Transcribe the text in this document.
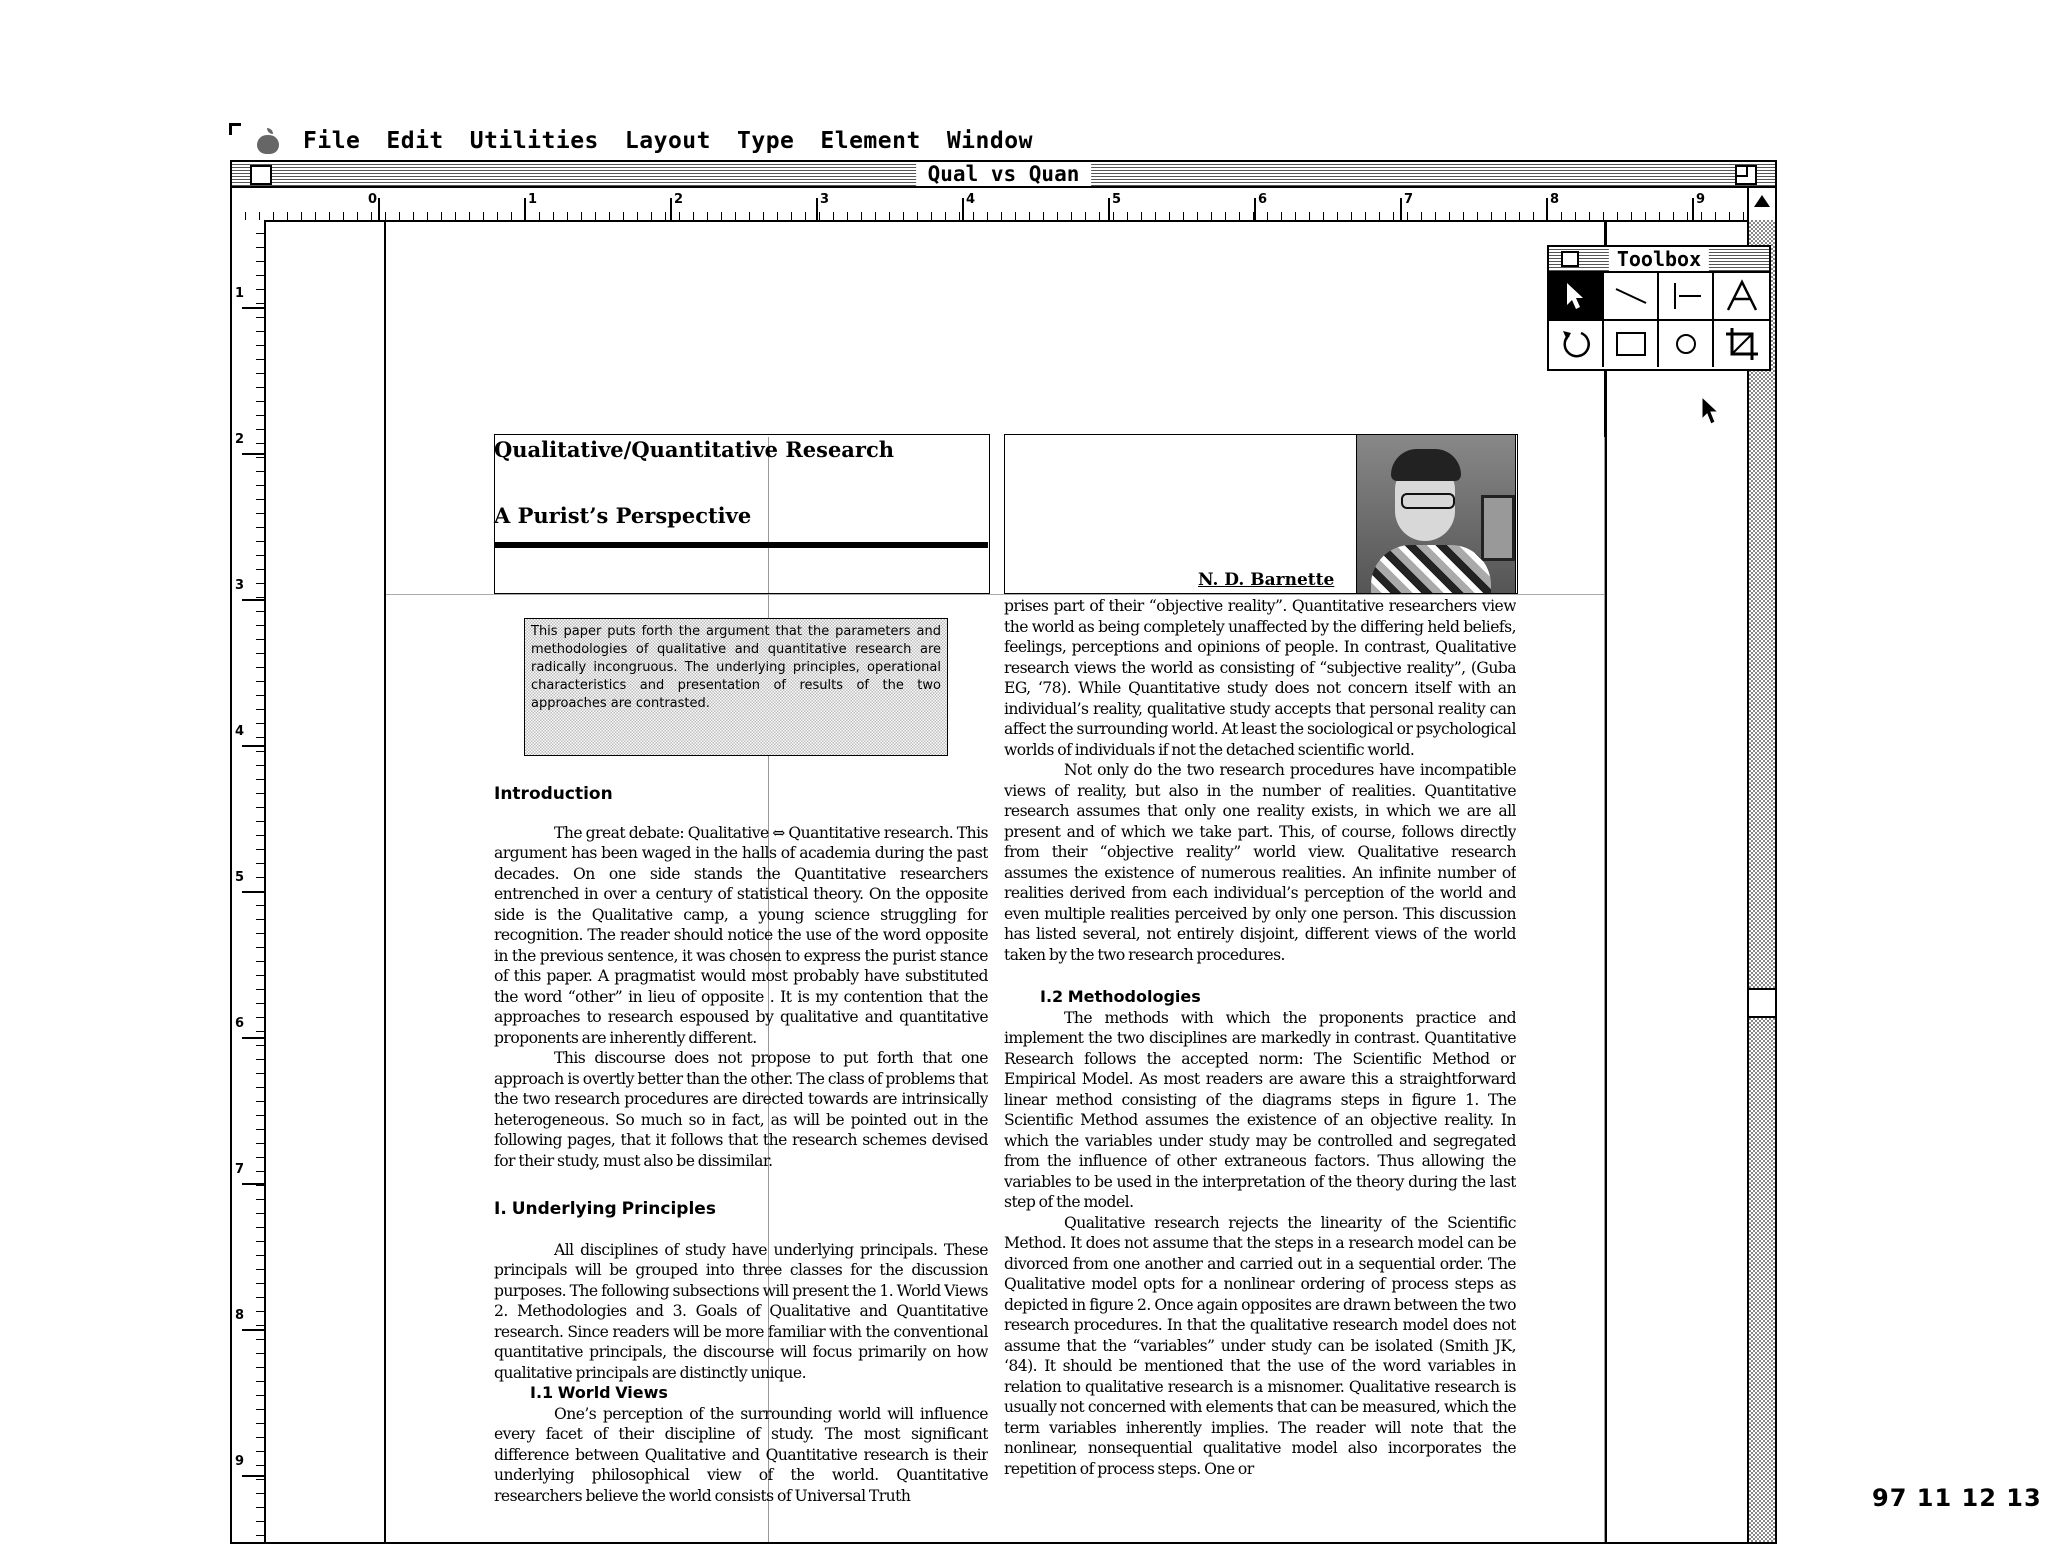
File Edit Utilities Layout Type Element Window
Qual vs Quan
0	1	2	3	4	5	6	7	8	9
1
2
3
4
5
6
7
8
9
Qualitative/Quantitative Research
A Purist’s Perspective
N. D. Barnette
This paper puts forth the argument that the parameters and methodologies of qualitative and quantitative research are radically incongruous. The underlying principles, operational characteristics and presentation of results of the two approaches are contrasted.
Introduction

The great debate: Qualitative ⇔ Quantitative research. This argument has been waged in the halls of academia during the past decades. On one side stands the Quantitative researchers entrenched in over a century of statistical theory. On the opposite side is the Qualitative camp, a young science struggling for recognition. The reader should notice the use of the word opposite in the previous sentence, it was chosen to express the purist stance of this paper. A pragmatist would most probably have substituted the word “other” in lieu of opposite . It is my contention that the approaches to research espoused by qualitative and quantitative proponents are inherently different.

This discourse does not propose to put forth that one approach is overtly better than the other. The class of problems that the two research procedures are directed towards are intrinsically heterogeneous. So much so in fact, as will be pointed out in the following pages, that it follows that the research schemes devised for their study, must also be dissimilar.

I. Underlying Principles

All disciplines of study have underlying principals. These principals will be grouped into three classes for the discussion purposes. The following subsections will present the 1. World Views 2. Methodologies and 3. Goals of Qualitative and Quantitative research. Since readers will be more familiar with the conventional quantitative principals, the discourse will focus primarily on how qualitative principals are distinctly unique.

I.1 World Views

One’s perception of the surrounding world will influence every facet of their discipline of study. The most significant difference between Qualitative and Quantitative research is their underlying philosophical view of the world. Quantitative researchers believe the world consists of Universal Truth

prises part of their “objective reality”. Quantitative researchers view the world as being completely unaffected by the differing held beliefs, feelings, perceptions and opinions of people. In contrast, Qualitative research views the world as consisting of “subjective reality”, (Guba EG, ‘78). While Quantitative study does not concern itself with an individual’s reality, qualitative study accepts that personal reality can affect the surrounding world. At least the sociological or psychological worlds of individuals if not the detached scientific world.

Not only do the two research procedures have incompatible views of reality, but also in the number of realities. Quantitative research assumes that only one reality exists, in which we are all present and of which we take part. This, of course, follows directly from their “objective reality” world view. Qualitative research assumes the existence of numerous realities. An infinite number of realities derived from each individual’s perception of the world and even multiple realities perceived by only one person. This discussion has listed several, not entirely disjoint, different views of the world taken by the two research procedures.

I.2 Methodologies

The methods with which the proponents practice and implement the two disciplines are markedly in contrast. Quantitative Research follows the accepted norm: The Scientific Method or Empirical Model. As most readers are aware this a straightforward linear method consisting of the diagrams steps in figure 1. The Scientific Method assumes the existence of an objective reality. In which the variables under study may be controlled and segregated from the influence of other extraneous factors. Thus allowing the variables to be used in the interpretation of the theory during the last step of the model.

Qualitative research rejects the linearity of the Scientific Method. It does not assume that the steps in a research model can be divorced from one another and carried out in a sequential order. The Qualitative model opts for a nonlinear ordering of process steps as depicted in figure 2. Once again opposites are drawn between the two research procedures. In that the qualitative research model does not assume that the “variables” under study can be isolated (Smith JK, ‘84). It should be mentioned that the use of the word variables in relation to qualitative research is a misnomer. Qualitative research is usually not concerned with elements that can be measured, which the term variables inherently implies. The reader will note that the nonlinear, nonsequential qualitative model also incorporates the repetition of process steps. One or

Toolbox
97 11 12 13
